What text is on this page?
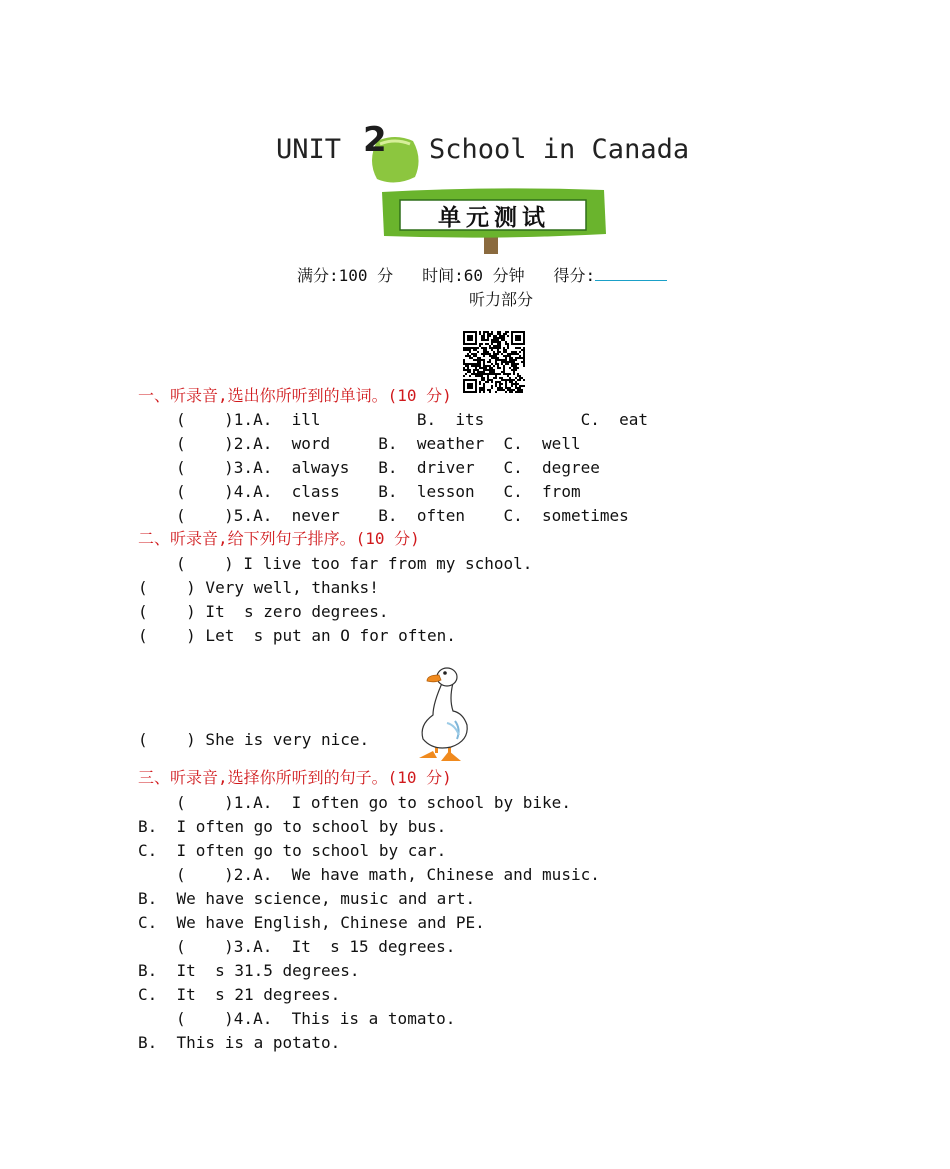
UNIT

2 School in Canada

单元测试

满分:100 分   时间:60 分钟   得分:
听力部分

一、听录音,选出你所听到的单词。(10 分)
(    )1.A.  ill          B.  its          C.  eat
(    )2.A.  word     B.  weather  C.  well
(    )3.A.  always   B.  driver   C.  degree
(    )4.A.  class    B.  lesson   C.  from
(    )5.A.  never    B.  often    C.  sometimes
二、听录音,给下列句子排序。(10 分)
(    ) I live too far from my school.
(    ) Very well, thanks!
(    ) It  s zero degrees.
(    ) Let  s put an O for often.

(    ) She is very nice.
三、听录音,选择你所听到的句子。(10 分)
(    )1.A.  I often go to school by bike.
B.  I often go to school by bus.
C.  I often go to school by car.
(    )2.A.  We have math, Chinese and music.
B.  We have science, music and art.
C.  We have English, Chinese and PE.
(    )3.A.  It  s 15 degrees.
B.  It  s 31.5 degrees.
C.  It  s 21 degrees.
(    )4.A.  This is a tomato.
B.  This is a potato.
